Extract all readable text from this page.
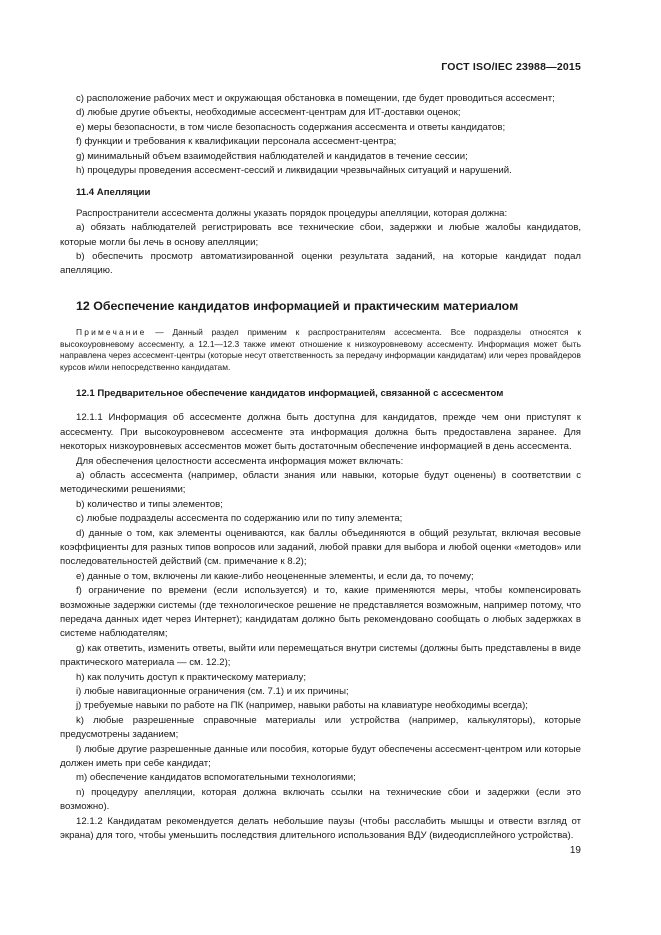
ГОСТ ISO/IEC 23988—2015

c) расположение рабочих мест и окружающая обстановка в помещении, где будет проводиться ассесмент;

d) любые другие объекты, необходимые ассесмент-центрам для ИТ-доставки оценок;

e) меры безопасности, в том числе безопасность содержания ассесмента и ответы кандидатов;

f) функции и требования к квалификации персонала ассесмент-центра;

g) минимальный объем взаимодействия наблюдателей и кандидатов в течение сессии;

h) процедуры проведения ассесмент-сессий и ликвидации чрезвычайных ситуаций и нарушений.

11.4 Апелляции

Распространители ассесмента должны указать порядок процедуры апелляции, которая должна:

a) обязать наблюдателей регистрировать все технические сбои, задержки и любые жалобы кандидатов, которые могли бы лечь в основу апелляции;

b) обеспечить просмотр автоматизированной оценки результата заданий, на которые кандидат подал апелляцию.

12 Обеспечение кандидатов информацией и практическим материалом

Примечание — Данный раздел применим к распространителям ассесмента. Все подразделы относятся к высокоуровневому ассесменту, а 12.1—12.3 также имеют отношение к низкоуровневому ассесменту. Информация может быть направлена через ассесмент-центры (которые несут ответственность за передачу информации кандидатам) или через провайдеров курсов и/или непосредственно кандидатам.

12.1 Предварительное обеспечение кандидатов информацией, связанной с ассесментом

12.1.1 Информация об ассесменте должна быть доступна для кандидатов, прежде чем они приступят к ассесменту. При высокоуровневом ассесменте эта информация должна быть предоставлена заранее. Для некоторых низкоуровневых ассесментов может быть достаточным обеспечение информацией в день ассесмента.

Для обеспечения целостности ассесмента информация может включать:

a) область ассесмента (например, области знания или навыки, которые будут оценены) в соответствии с методическими решениями;

b) количество и типы элементов;

c) любые подразделы ассесмента по содержанию или по типу элемента;

d) данные о том, как элементы оцениваются, как баллы объединяются в общий результат, включая весовые коэффициенты для разных типов вопросов или заданий, любой правки для выбора и любой оценки «методов» или последовательностей действий (см. примечание к 8.2);

e) данные о том, включены ли какие-либо неоцененные элементы, и если да, то почему;

f) ограничение по времени (если используется) и то, какие применяются меры, чтобы компенсировать возможные задержки системы (где технологическое решение не представляется возможным, например потому, что передача данных идет через Интернет); кандидатам должно быть рекомендовано сообщать о любых задержках в системе наблюдателям;

g) как ответить, изменить ответы, выйти или перемещаться внутри системы (должны быть представлены в виде практического материала — см. 12.2);

h) как получить доступ к практическому материалу;

i) любые навигационные ограничения (см. 7.1) и их причины;

j) требуемые навыки по работе на ПК (например, навыки работы на клавиатуре необходимы всегда);

k) любые разрешенные справочные материалы или устройства (например, калькуляторы), которые предусмотрены заданием;

l) любые другие разрешенные данные или пособия, которые будут обеспечены ассесмент-центром или которые должен иметь при себе кандидат;

m) обеспечение кандидатов вспомогательными технологиями;

n) процедуру апелляции, которая должна включать ссылки на технические сбои и задержки (если это возможно).

12.1.2 Кандидатам рекомендуется делать небольшие паузы (чтобы расслабить мышцы и отвести взгляд от экрана) для того, чтобы уменьшить последствия длительного использования ВДУ (видеодисплейного устройства).

19
